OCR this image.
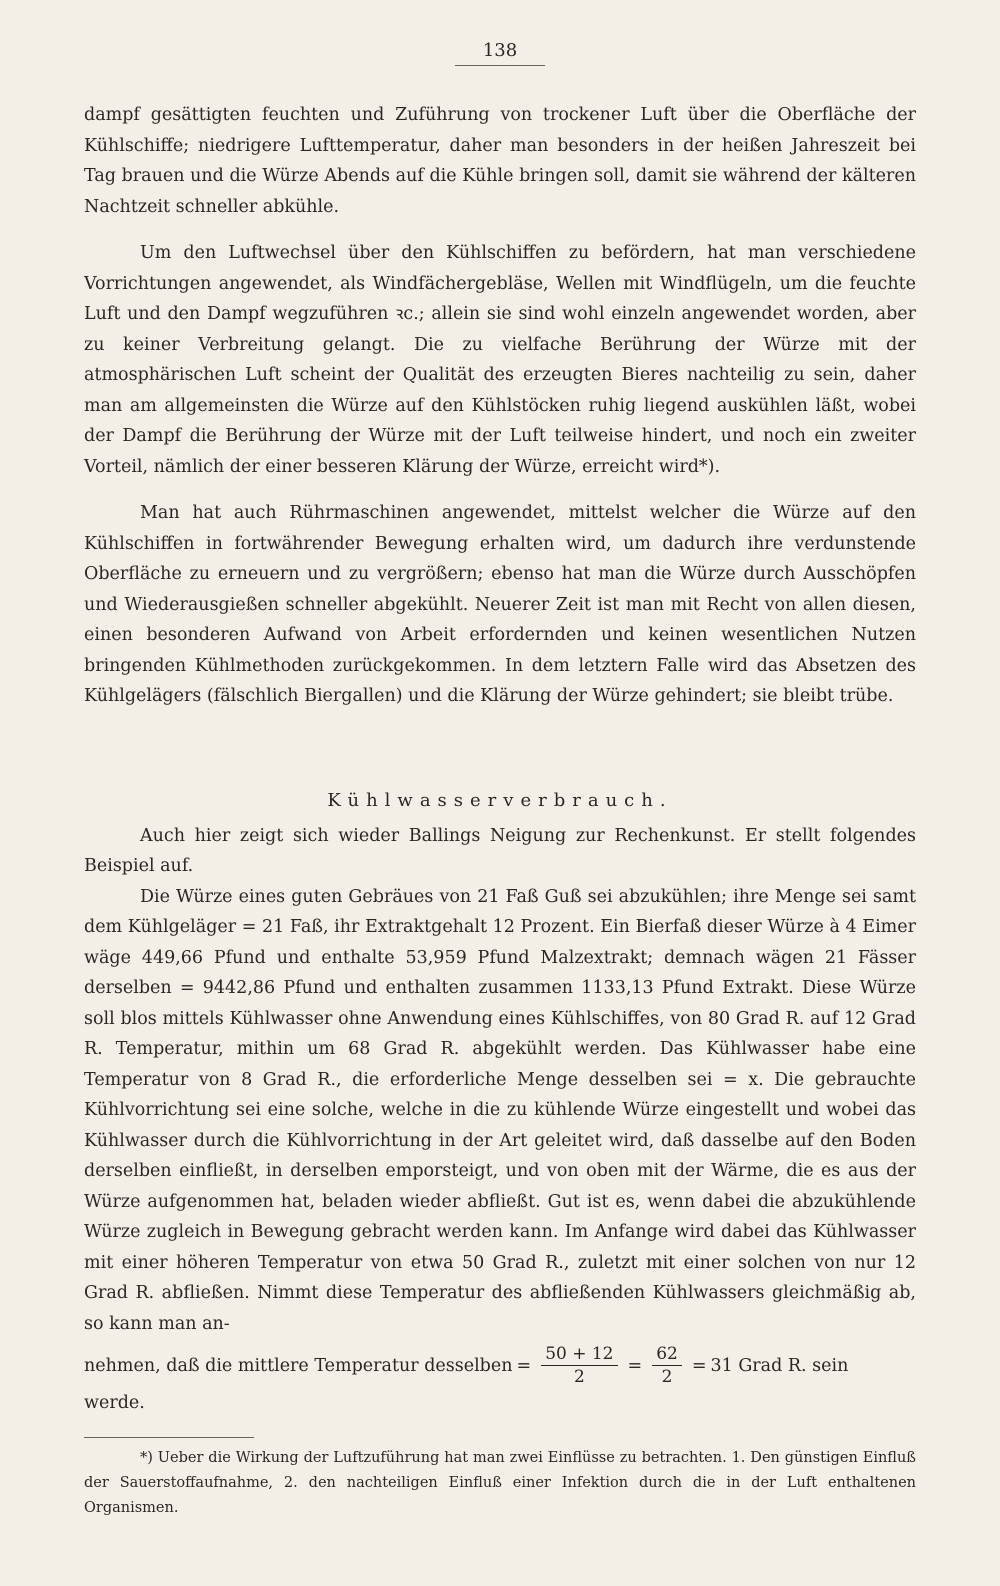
138

dampf gesättigten feuchten und Zuführung von trockener Luft über die Oberfläche der Kühlschiffe; niedrigere Lufttemperatur, daher man besonders in der heißen Jahreszeit bei Tag brauen und die Würze Abends auf die Kühle bringen soll, damit sie während der kälteren Nachtzeit schneller abkühle.

Um den Luftwechsel über den Kühlschiffen zu befördern, hat man verschiedene Vorrichtungen angewendet, als Windfächergebläse, Wellen mit Windflügeln, um die feuchte Luft und den Dampf wegzuführen ꝛc.; allein sie sind wohl einzeln angewendet worden, aber zu keiner Verbreitung gelangt. Die zu vielfache Berührung der Würze mit der atmosphärischen Luft scheint der Qualität des erzeugten Bieres nachteilig zu sein, daher man am allgemeinsten die Würze auf den Kühlstöcken ruhig liegend auskühlen läßt, wobei der Dampf die Berührung der Würze mit der Luft teilweise hindert, und noch ein zweiter Vorteil, nämlich der einer besseren Klärung der Würze, erreicht wird*).

Man hat auch Rührmaschinen angewendet, mittelst welcher die Würze auf den Kühlschiffen in fortwährender Bewegung erhalten wird, um dadurch ihre verdunstende Oberfläche zu erneuern und zu vergrößern; ebenso hat man die Würze durch Ausschöpfen und Wiederausgießen schneller abgekühlt. Neuerer Zeit ist man mit Recht von allen diesen, einen besonderen Aufwand von Arbeit erfordernden und keinen wesentlichen Nutzen bringenden Kühlmethoden zurückgekommen. In dem letztern Falle wird das Absetzen des Kühlgelägers (fälschlich Biergallen) und die Klärung der Würze gehindert; sie bleibt trübe.

Kühlwasserverbrauch.

Auch hier zeigt sich wieder Ballings Neigung zur Rechenkunst. Er stellt folgendes Beispiel auf.

Die Würze eines guten Gebräues von 21 Faß Guß sei abzukühlen; ihre Menge sei samt dem Kühlgeläger = 21 Faß, ihr Extraktgehalt 12 Prozent. Ein Bierfaß dieser Würze à 4 Eimer wäge 449,66 Pfund und enthalte 53,959 Pfund Malzextrakt; demnach wägen 21 Fässer derselben = 9442,86 Pfund und enthalten zusammen 1133,13 Pfund Extrakt. Diese Würze soll blos mittels Kühlwasser ohne Anwendung eines Kühlschiffes, von 80 Grad R. auf 12 Grad R. Temperatur, mithin um 68 Grad R. abgekühlt werden. Das Kühlwasser habe eine Temperatur von 8 Grad R., die erforderliche Menge desselben sei = x. Die gebrauchte Kühlvorrichtung sei eine solche, welche in die zu kühlende Würze eingestellt und wobei das Kühlwasser durch die Kühlvorrichtung in der Art geleitet wird, daß dasselbe auf den Boden derselben einfließt, in derselben emporsteigt, und von oben mit der Wärme, die es aus der Würze aufgenommen hat, beladen wieder abfließt. Gut ist es, wenn dabei die abzukühlende Würze zugleich in Bewegung gebracht werden kann. Im Anfange wird dabei das Kühlwasser mit einer höheren Temperatur von etwa 50 Grad R., zuletzt mit einer solchen von nur 12 Grad R. abfließen. Nimmt diese Temperatur des abfließenden Kühlwassers gleichmäßig ab, so kann man an-

nehmen, daß die mittlere Temperatur desselben = $\frac{50 + 12}{2} = \frac{62}{2} = 31$ Grad R. sein

werde.

*) Ueber die Wirkung der Luftzuführung hat man zwei Einflüsse zu betrachten. 1. Den günstigen Einfluß der Sauerstoffaufnahme, 2. den nachteiligen Einfluß einer Infektion durch die in der Luft enthaltenen Organismen.
